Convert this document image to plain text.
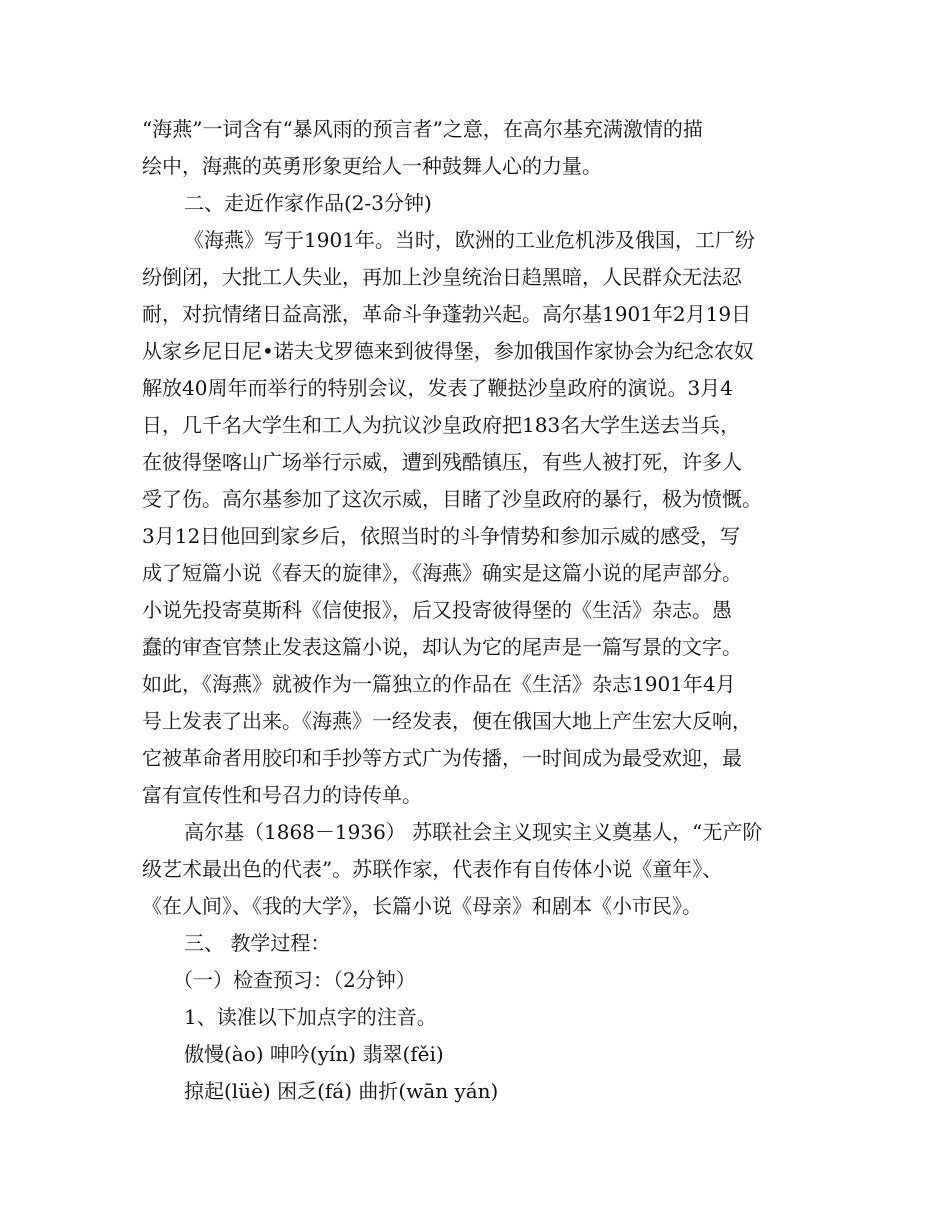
“海燕”一词含有“暴风雨的预言者”之意，在高尔基充满激情的描
绘中，海燕的英勇形象更给人一种鼓舞人心的力量。
二、走近作家作品(2-3分钟)
《海燕》写于1901年。当时，欧洲的工业危机涉及俄国，工厂纷
纷倒闭，大批工人失业，再加上沙皇统治日趋黑暗，人民群众无法忍
耐，对抗情绪日益高涨，革命斗争蓬勃兴起。高尔基1901年2月19日
从家乡尼日尼•诺夫戈罗德来到彼得堡，参加俄国作家协会为纪念农奴
解放40周年而举行的特别会议，发表了鞭挞沙皇政府的演说。3月4
日，几千名大学生和工人为抗议沙皇政府把183名大学生送去当兵，
在彼得堡喀山广场举行示威，遭到残酷镇压，有些人被打死，许多人
受了伤。高尔基参加了这次示威，目睹了沙皇政府的暴行，极为愤慨。
3月12日他回到家乡后，依照当时的斗争情势和参加示威的感受，写
成了短篇小说《春天的旋律》，《海燕》确实是这篇小说的尾声部分。
小说先投寄莫斯科《信使报》，后又投寄彼得堡的《生活》杂志。愚
蠢的审查官禁止发表这篇小说，却认为它的尾声是一篇写景的文字。
如此，《海燕》就被作为一篇独立的作品在《生活》杂志1901年4月
号上发表了出来。《海燕》一经发表，便在俄国大地上产生宏大反响，
它被革命者用胶印和手抄等方式广为传播，一时间成为最受欢迎，最
富有宣传性和号召力的诗传单。
高尔基（1868－1936） 苏联社会主义现实主义奠基人，“无产阶
级艺术最出色的代表”。苏联作家，代表作有自传体小说《童年》、
《在人间》、《我的大学》，长篇小说《母亲》和剧本《小市民》。
三、 教学过程：
（一）检查预习：（2分钟）
1、读准以下加点字的注音。
傲慢(ào) 呻吟(yín) 翡翠(fěi)
掠起(lüè) 困乏(fá) 曲折(wān yán)
